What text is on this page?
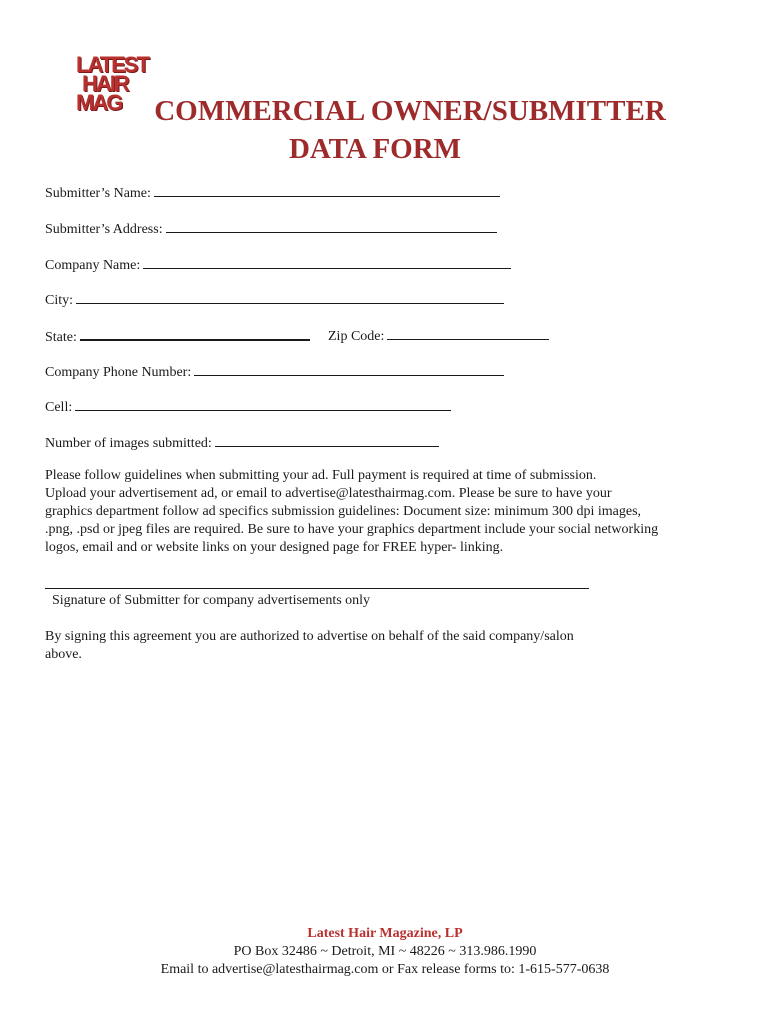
LATEST
HAIR
MAG	COMMERCIAL OWNER/SUBMITTER
DATA FORM
Submitter’s Name:
Submitter’s Address:
Company Name:
City:
State:	Zip Code:
Company Phone Number:
Cell:
Number of images submitted:

Please follow guidelines when submitting your ad. Full payment is required at time of submission.

Upload your advertisement ad, or email to advertise@latesthairmag.com. Please be sure to have your

graphics department follow ad specifics submission guidelines: Document size: minimum 300 dpi images,

.png, .psd or jpeg files are required. Be sure to have your graphics department include your social networking

logos, email and or website links on your designed page for FREE hyper- linking.

Signature of Submitter for company advertisements only
By signing this agreement you are authorized to advertise on behalf of the said company/salon
above.
Latest Hair Magazine, LP
PO Box 32486 ~ Detroit, MI ~ 48226 ~ 313.986.1990
Email to advertise@latesthairmag.com or Fax release forms to: 1-615-577-0638
